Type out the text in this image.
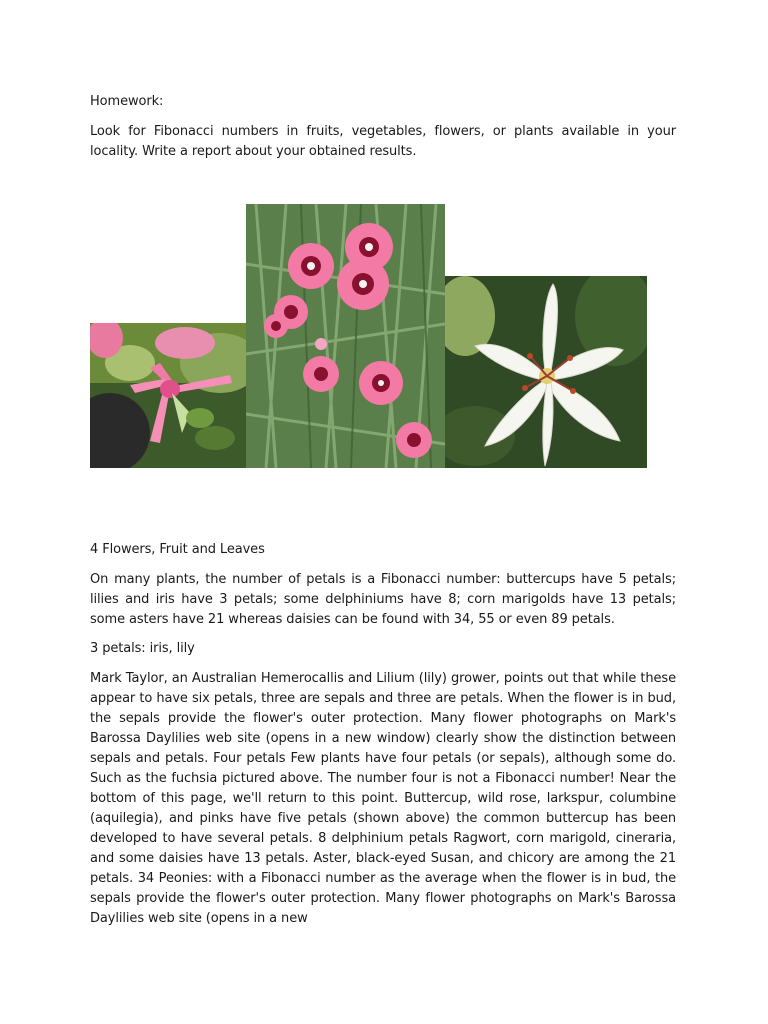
Homework:
Look for Fibonacci numbers in fruits, vegetables, flowers, or plants available in your locality. Write a report about your obtained results.
4 Flowers, Fruit and Leaves
On many plants, the number of petals is a Fibonacci number: buttercups have 5 petals; lilies and iris have 3 petals; some delphiniums have 8; corn marigolds have 13 petals; some asters have 21 whereas daisies can be found with 34, 55 or even 89 petals.
3 petals: iris, lily
Mark Taylor, an Australian Hemerocallis and Lilium (lily) grower, points out that while these appear to have six petals, three are sepals and three are petals. When the flower is in bud, the sepals provide the flower's outer protection. Many flower photographs on Mark's Barossa Daylilies web site (opens in a new window) clearly show the distinction between sepals and petals. Four petals Few plants have four petals (or sepals), although some do. Such as the fuchsia pictured above. The number four is not a Fibonacci number! Near the bottom of this page, we'll return to this point. Buttercup, wild rose, larkspur, columbine (aquilegia), and pinks have five petals (shown above) the common buttercup has been developed to have several petals. 8 delphinium petals Ragwort, corn marigold, cineraria, and some daisies have 13 petals. Aster, black-eyed Susan, and chicory are among the 21 petals. 34 Peonies: with a Fibonacci number as the average when the flower is in bud, the sepals provide the flower's outer protection. Many flower photographs on Mark's Barossa Daylilies web site (opens in a new
